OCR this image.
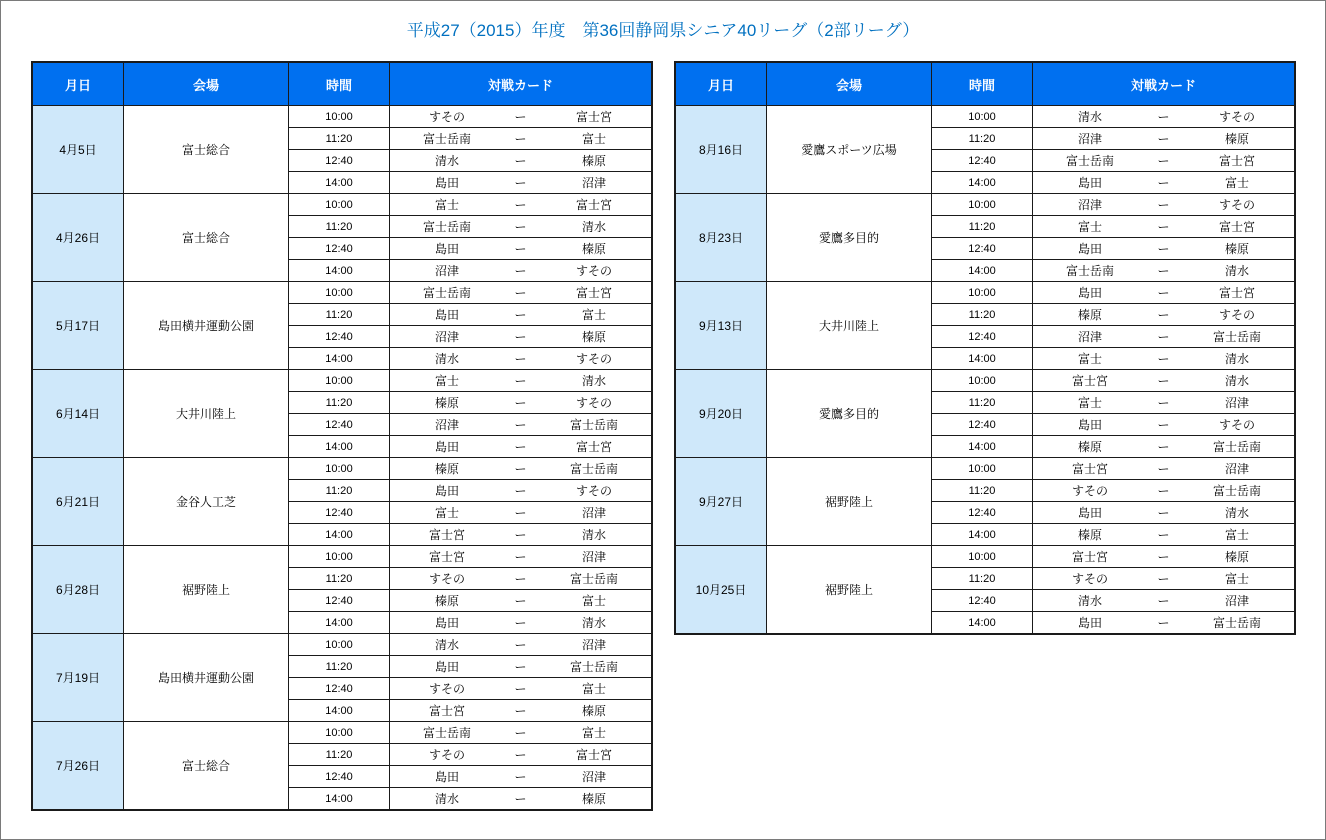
平成27（2015）年度　第36回静岡県シニア40リーグ（2部リーグ）
月日	会場	時間	対戦カード
4月5日	富士総合
10:00	すその	ー	富士宮
11:20	富士岳南	ー	富士
12:40	清水	ー	榛原
14:00	島田	ー	沼津
4月26日	富士総合
10:00	富士	ー	富士宮
11:20	富士岳南	ー	清水
12:40	島田	ー	榛原
14:00	沼津	ー	すその
5月17日	島田横井運動公園
10:00	富士岳南	ー	富士宮
11:20	島田	ー	富士
12:40	沼津	ー	榛原
14:00	清水	ー	すその
6月14日	大井川陸上
10:00	富士	ー	清水
11:20	榛原	ー	すその
12:40	沼津	ー	富士岳南
14:00	島田	ー	富士宮
6月21日	金谷人工芝
10:00	榛原	ー	富士岳南
11:20	島田	ー	すその
12:40	富士	ー	沼津
14:00	富士宮	ー	清水
6月28日	裾野陸上
10:00	富士宮	ー	沼津
11:20	すその	ー	富士岳南
12:40	榛原	ー	富士
14:00	島田	ー	清水
7月19日	島田横井運動公園
10:00	清水	ー	沼津
11:20	島田	ー	富士岳南
12:40	すその	ー	富士
14:00	富士宮	ー	榛原
7月26日	富士総合
10:00	富士岳南	ー	富士
11:20	すその	ー	富士宮
12:40	島田	ー	沼津
14:00	清水	ー	榛原
月日	会場	時間	対戦カード
8月16日	愛鷹スポーツ広場
10:00	清水	ー	すその
11:20	沼津	ー	榛原
12:40	富士岳南	ー	富士宮
14:00	島田	ー	富士
8月23日	愛鷹多目的
10:00	沼津	ー	すその
11:20	富士	ー	富士宮
12:40	島田	ー	榛原
14:00	富士岳南	ー	清水
9月13日	大井川陸上
10:00	島田	ー	富士宮
11:20	榛原	ー	すその
12:40	沼津	ー	富士岳南
14:00	富士	ー	清水
9月20日	愛鷹多目的
10:00	富士宮	ー	清水
11:20	富士	ー	沼津
12:40	島田	ー	すその
14:00	榛原	ー	富士岳南
9月27日	裾野陸上
10:00	富士宮	ー	沼津
11:20	すその	ー	富士岳南
12:40	島田	ー	清水
14:00	榛原	ー	富士
10月25日	裾野陸上
10:00	富士宮	ー	榛原
11:20	すその	ー	富士
12:40	清水	ー	沼津
14:00	島田	ー	富士岳南
